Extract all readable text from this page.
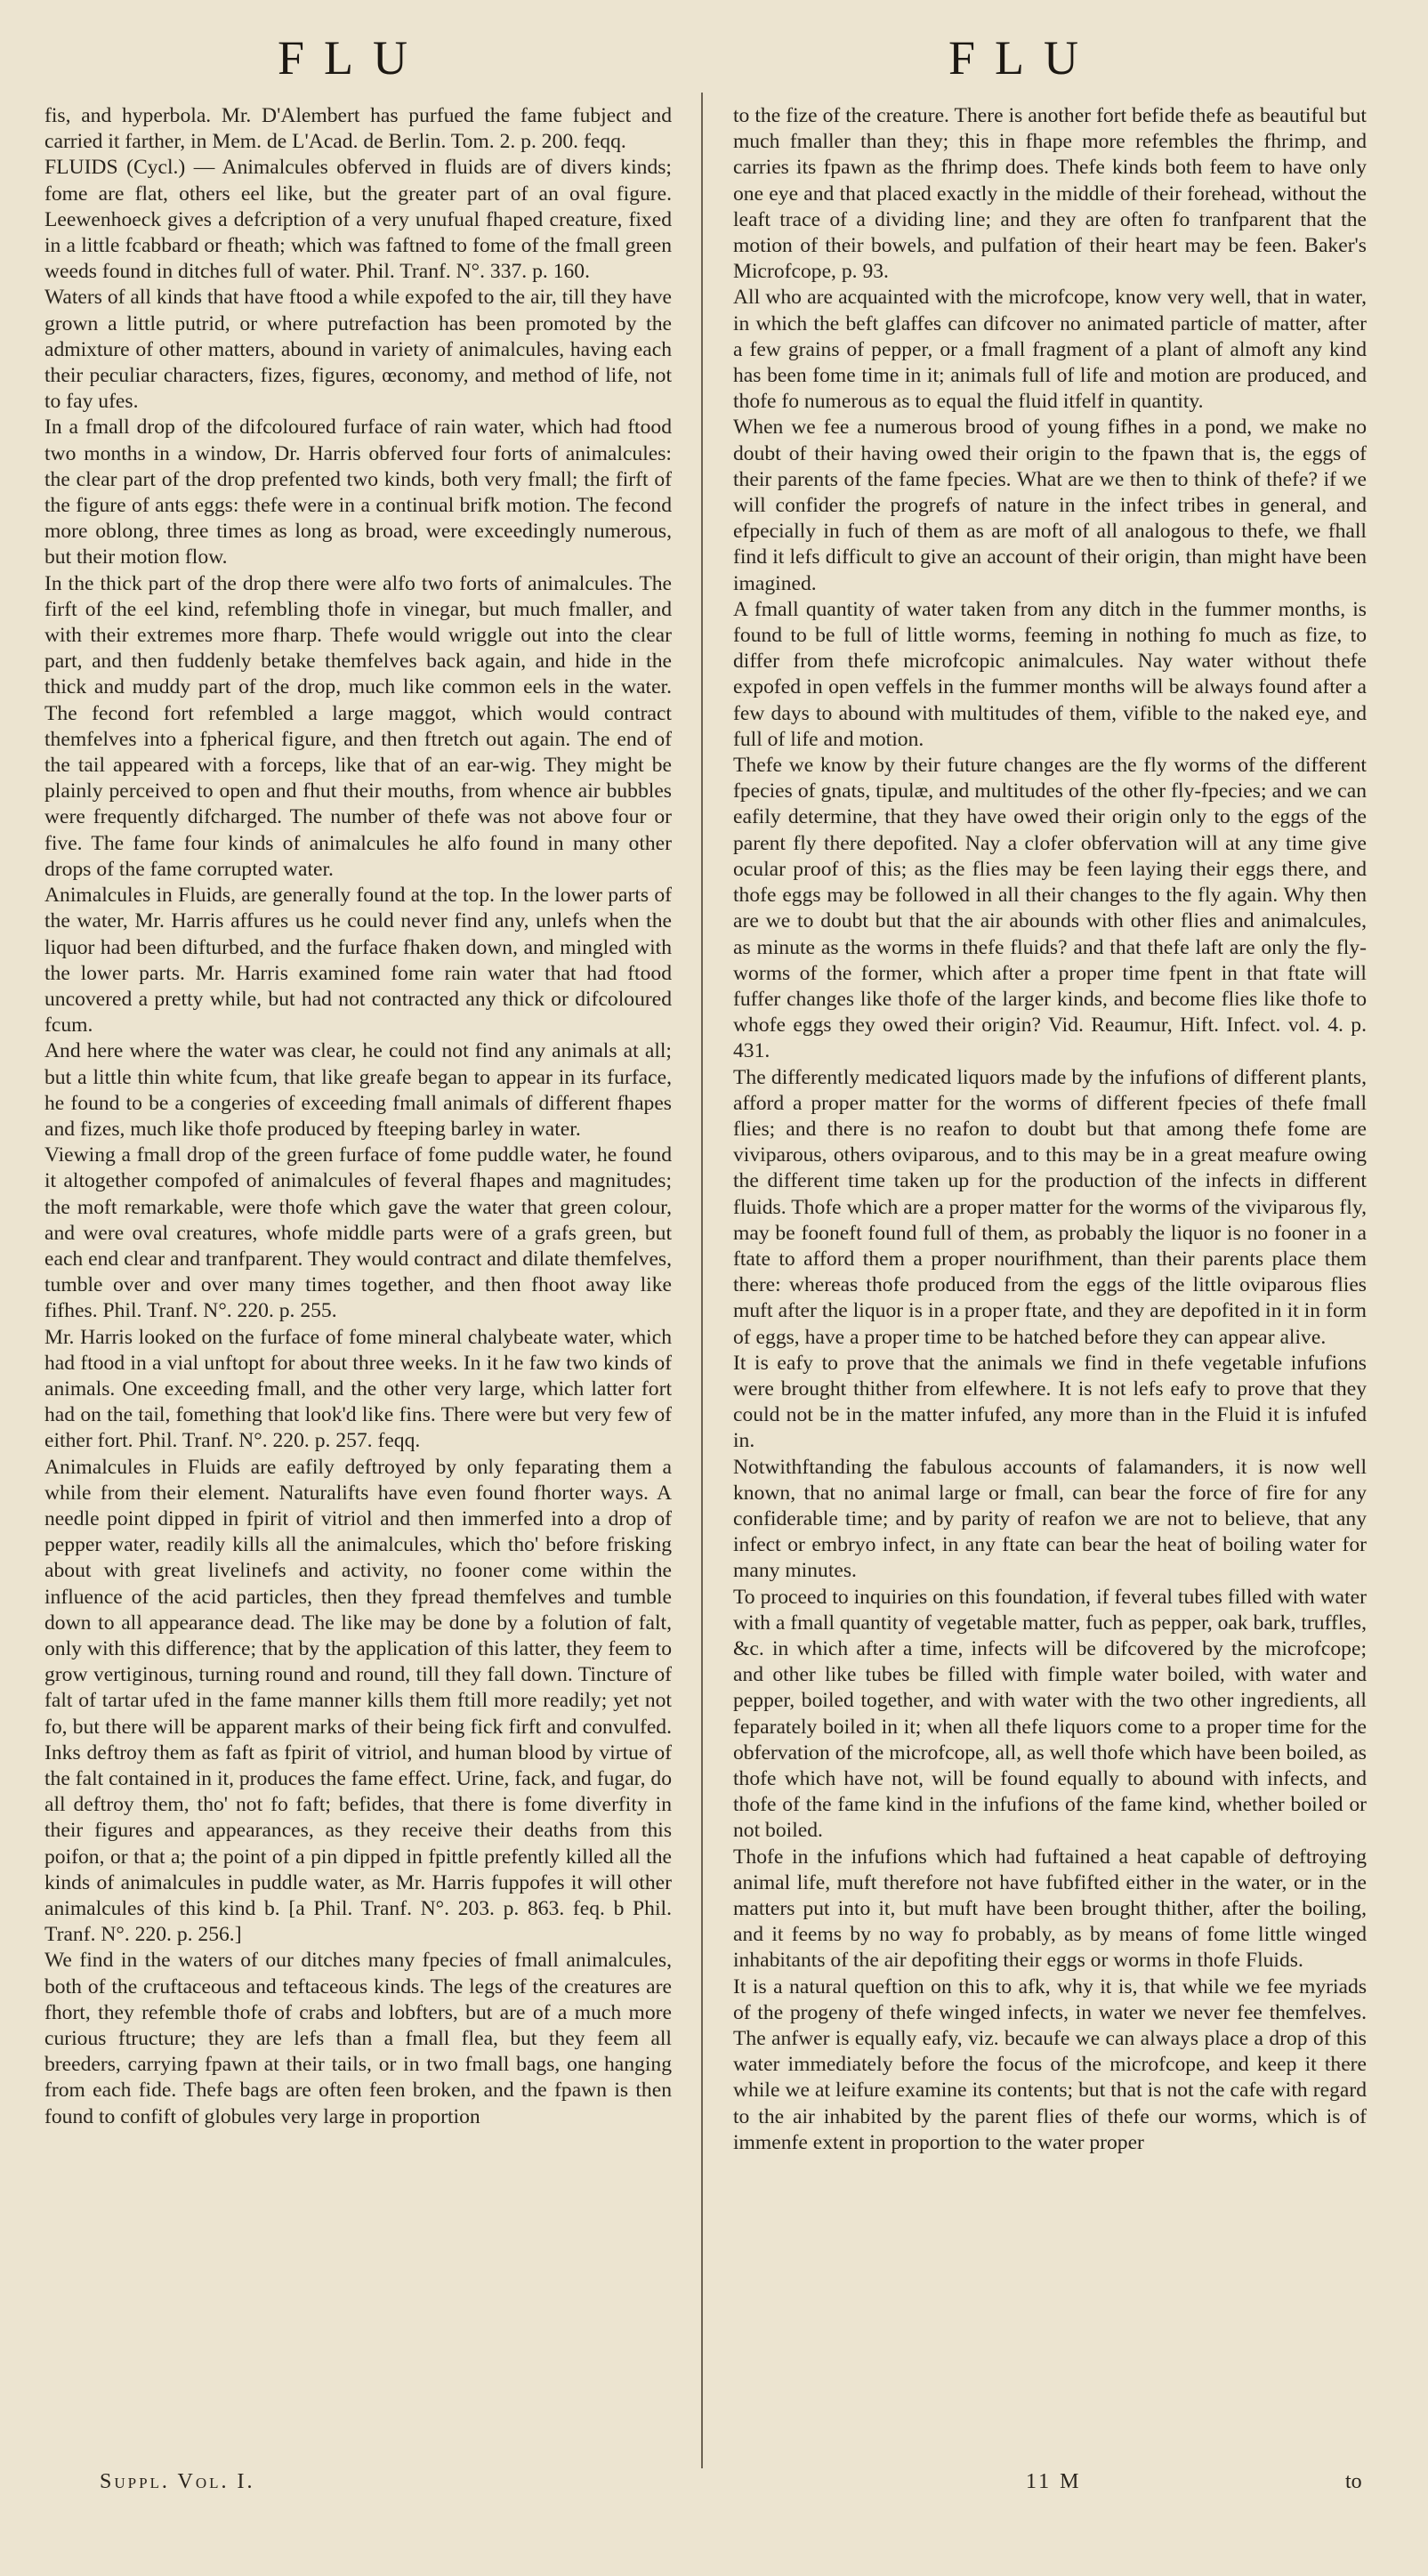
FLU	FLU

fis, and hyperbola. Mr. D'Alembert has purfued the fame fubject and carried it farther, in Mem. de L'Acad. de Berlin. Tom. 2. p. 200. feqq.

FLUIDS (Cycl.) — Animalcules obferved in fluids are of divers kinds; fome are flat, others eel like, but the greater part of an oval figure. Leewenhoeck gives a defcription of a very unufual fhaped creature, fixed in a little fcabbard or fheath; which was faftned to fome of the fmall green weeds found in ditches full of water. Phil. Tranf. N°. 337. p. 160.

Waters of all kinds that have ftood a while expofed to the air, till they have grown a little putrid, or where putrefaction has been promoted by the admixture of other matters, abound in variety of animalcules, having each their peculiar characters, fizes, figures, œconomy, and method of life, not to fay ufes.

In a fmall drop of the difcoloured furface of rain water, which had ftood two months in a window, Dr. Harris obferved four forts of animalcules: the clear part of the drop prefented two kinds, both very fmall; the firft of the figure of ants eggs: thefe were in a continual brifk motion. The fecond more oblong, three times as long as broad, were exceedingly numerous, but their motion flow.

In the thick part of the drop there were alfo two forts of animalcules. The firft of the eel kind, refembling thofe in vinegar, but much fmaller, and with their extremes more fharp. Thefe would wriggle out into the clear part, and then fuddenly betake themfelves back again, and hide in the thick and muddy part of the drop, much like common eels in the water. The fecond fort refembled a large maggot, which would contract themfelves into a fpherical figure, and then ftretch out again. The end of the tail appeared with a forceps, like that of an ear-wig. They might be plainly perceived to open and fhut their mouths, from whence air bubbles were frequently difcharged. The number of thefe was not above four or five. The fame four kinds of animalcules he alfo found in many other drops of the fame corrupted water.

Animalcules in Fluids, are generally found at the top. In the lower parts of the water, Mr. Harris affures us he could never find any, unlefs when the liquor had been difturbed, and the furface fhaken down, and mingled with the lower parts. Mr. Harris examined fome rain water that had ftood uncovered a pretty while, but had not contracted any thick or difcoloured fcum.

And here where the water was clear, he could not find any animals at all; but a little thin white fcum, that like greafe began to appear in its furface, he found to be a congeries of exceeding fmall animals of different fhapes and fizes, much like thofe produced by fteeping barley in water.

Viewing a fmall drop of the green furface of fome puddle water, he found it altogether compofed of animalcules of feveral fhapes and magnitudes; the moft remarkable, were thofe which gave the water that green colour, and were oval creatures, whofe middle parts were of a grafs green, but each end clear and tranfparent. They would contract and dilate themfelves, tumble over and over many times together, and then fhoot away like fifhes. Phil. Tranf. N°. 220. p. 255.

Mr. Harris looked on the furface of fome mineral chalybeate water, which had ftood in a vial unftopt for about three weeks. In it he faw two kinds of animals. One exceeding fmall, and the other very large, which latter fort had on the tail, fomething that look'd like fins. There were but very few of either fort. Phil. Tranf. N°. 220. p. 257. feqq.

Animalcules in Fluids are eafily deftroyed by only feparating them a while from their element. Naturalifts have even found fhorter ways. A needle point dipped in fpirit of vitriol and then immerfed into a drop of pepper water, readily kills all the animalcules, which tho' before frisking about with great livelinefs and activity, no fooner come within the influence of the acid particles, then they fpread themfelves and tumble down to all appearance dead. The like may be done by a folution of falt, only with this difference; that by the application of this latter, they feem to grow vertiginous, turning round and round, till they fall down. Tincture of falt of tartar ufed in the fame manner kills them ftill more readily; yet not fo, but there will be apparent marks of their being fick firft and convulfed. Inks deftroy them as faft as fpirit of vitriol, and human blood by virtue of the falt contained in it, produces the fame effect. Urine, fack, and fugar, do all deftroy them, tho' not fo faft; befides, that there is fome diverfity in their figures and appearances, as they receive their deaths from this poifon, or that a; the point of a pin dipped in fpittle prefently killed all the kinds of animalcules in puddle water, as Mr. Harris fuppofes it will other animalcules of this kind b. [a Phil. Tranf. N°. 203. p. 863. feq. b Phil. Tranf. N°. 220. p. 256.]

We find in the waters of our ditches many fpecies of fmall animalcules, both of the cruftaceous and teftaceous kinds. The legs of the creatures are fhort, they refemble thofe of crabs and lobfters, but are of a much more curious ftructure; they are lefs than a fmall flea, but they feem all breeders, carrying fpawn at their tails, or in two fmall bags, one hanging from each fide. Thefe bags are often feen broken, and the fpawn is then found to confift of globules very large in proportion

to the fize of the creature. There is another fort befide thefe as beautiful but much fmaller than they; this in fhape more refembles the fhrimp, and carries its fpawn as the fhrimp does. Thefe kinds both feem to have only one eye and that placed exactly in the middle of their forehead, without the leaft trace of a dividing line; and they are often fo tranfparent that the motion of their bowels, and pulfation of their heart may be feen. Baker's Microfcope, p. 93.

All who are acquainted with the microfcope, know very well, that in water, in which the beft glaffes can difcover no animated particle of matter, after a few grains of pepper, or a fmall fragment of a plant of almoft any kind has been fome time in it; animals full of life and motion are produced, and thofe fo numerous as to equal the fluid itfelf in quantity.

When we fee a numerous brood of young fifhes in a pond, we make no doubt of their having owed their origin to the fpawn that is, the eggs of their parents of the fame fpecies. What are we then to think of thefe? if we will confider the progrefs of nature in the infect tribes in general, and efpecially in fuch of them as are moft of all analogous to thefe, we fhall find it lefs difficult to give an account of their origin, than might have been imagined.

A fmall quantity of water taken from any ditch in the fummer months, is found to be full of little worms, feeming in nothing fo much as fize, to differ from thefe microfcopic animalcules. Nay water without thefe expofed in open veffels in the fummer months will be always found after a few days to abound with multitudes of them, vifible to the naked eye, and full of life and motion.

Thefe we know by their future changes are the fly worms of the different fpecies of gnats, tipulæ, and multitudes of the other fly-fpecies; and we can eafily determine, that they have owed their origin only to the eggs of the parent fly there depofited. Nay a clofer obfervation will at any time give ocular proof of this; as the flies may be feen laying their eggs there, and thofe eggs may be followed in all their changes to the fly again. Why then are we to doubt but that the air abounds with other flies and animalcules, as minute as the worms in thefe fluids? and that thefe laft are only the fly-worms of the former, which after a proper time fpent in that ftate will fuffer changes like thofe of the larger kinds, and become flies like thofe to whofe eggs they owed their origin? Vid. Reaumur, Hift. Infect. vol. 4. p. 431.

The differently medicated liquors made by the infufions of different plants, afford a proper matter for the worms of different fpecies of thefe fmall flies; and there is no reafon to doubt but that among thefe fome are viviparous, others oviparous, and to this may be in a great meafure owing the different time taken up for the production of the infects in different fluids. Thofe which are a proper matter for the worms of the viviparous fly, may be fooneft found full of them, as probably the liquor is no fooner in a ftate to afford them a proper nourifhment, than their parents place them there: whereas thofe produced from the eggs of the little oviparous flies muft after the liquor is in a proper ftate, and they are depofited in it in form of eggs, have a proper time to be hatched before they can appear alive.

It is eafy to prove that the animals we find in thefe vegetable infufions were brought thither from elfewhere. It is not lefs eafy to prove that they could not be in the matter infufed, any more than in the Fluid it is infufed in.

Notwithftanding the fabulous accounts of falamanders, it is now well known, that no animal large or fmall, can bear the force of fire for any confiderable time; and by parity of reafon we are not to believe, that any infect or embryo infect, in any ftate can bear the heat of boiling water for many minutes.

To proceed to inquiries on this foundation, if feveral tubes filled with water with a fmall quantity of vegetable matter, fuch as pepper, oak bark, truffles, &c. in which after a time, infects will be difcovered by the microfcope; and other like tubes be filled with fimple water boiled, with water and pepper, boiled together, and with water with the two other ingredients, all feparately boiled in it; when all thefe liquors come to a proper time for the obfervation of the microfcope, all, as well thofe which have been boiled, as thofe which have not, will be found equally to abound with infects, and thofe of the fame kind in the infufions of the fame kind, whether boiled or not boiled.

Thofe in the infufions which had fuftained a heat capable of deftroying animal life, muft therefore not have fubfifted either in the water, or in the matters put into it, but muft have been brought thither, after the boiling, and it feems by no way fo probably, as by means of fome little winged inhabitants of the air depofiting their eggs or worms in thofe Fluids.

It is a natural queftion on this to afk, why it is, that while we fee myriads of the progeny of thefe winged infects, in water we never fee themfelves. The anfwer is equally eafy, viz. becaufe we can always place a drop of this water immediately before the focus of the microfcope, and keep it there while we at leifure examine its contents; but that is not the cafe with regard to the air inhabited by the parent flies of thefe our worms, which is of immenfe extent in proportion to the water proper

Suppl. Vol. I.	11 M	to
